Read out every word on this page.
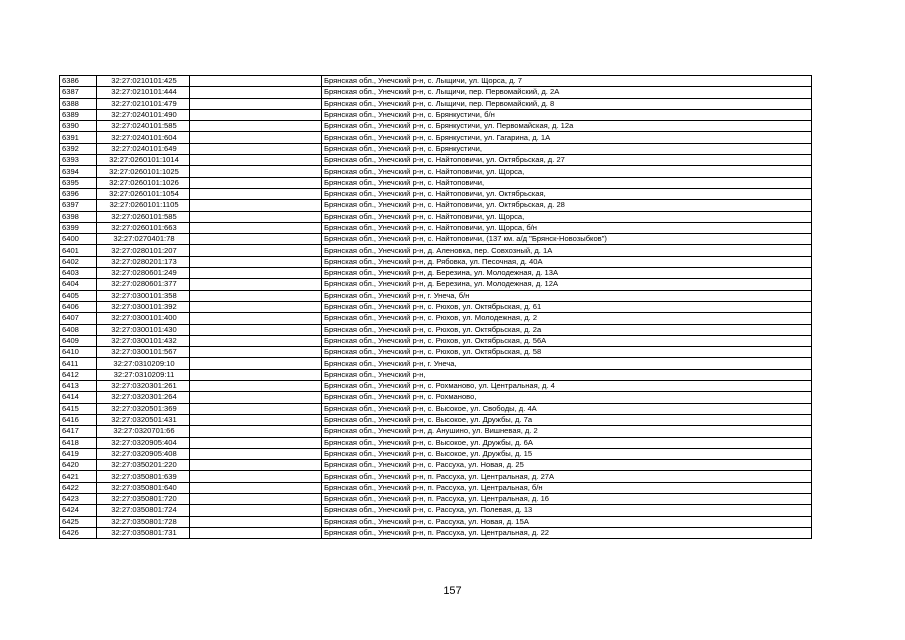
6386	32:27:0210101:425		Брянская обл., Унечский р-н, с. Лыщичи, ул. Щорса, д. 7
6387	32:27:0210101:444		Брянская обл., Унечский р-н, с. Лыщичи, пер. Первомайский, д. 2А
6388	32:27:0210101:479		Брянская обл., Унечский р-н, с. Лыщичи, пер. Первомайский, д. 8
6389	32:27:0240101:490		Брянская обл., Унечский р-н, с. Брянкустичи, б/н
6390	32:27:0240101:585		Брянская обл., Унечский р-н, с. Брянкустичи, ул. Первомайская, д. 12а
6391	32:27:0240101:604		Брянская обл., Унечский р-н, с. Брянкустичи, ул. Гагарина, д. 1А
6392	32:27:0240101:649		Брянская обл., Унечский р-н, с. Брянкустичи,
6393	32:27:0260101:1014		Брянская обл., Унечский р-н, с. Найтоповичи, ул. Октябрьская, д. 27
6394	32:27:0260101:1025		Брянская обл., Унечский р-н, с. Найтоповичи, ул. Щорса,
6395	32:27:0260101:1026		Брянская обл., Унечский р-н, с. Найтоповичи,
6396	32:27:0260101:1054		Брянская обл., Унечский р-н, с. Найтоповичи, ул. Октябрьская,
6397	32:27:0260101:1105		Брянская обл., Унечский р-н, с. Найтоповичи, ул. Октябрьская, д. 28
6398	32:27:0260101:585		Брянская обл., Унечский р-н, с. Найтоповичи, ул. Щорса,
6399	32:27:0260101:663		Брянская обл., Унечский р-н, с. Найтоповичи, ул. Щорса, б/н
6400	32:27:0270401:78		Брянская обл., Унечский р-н, с. Найтоповичи, (137 км. а/д "Брянск-Новозыбков")
6401	32:27:0280101:207		Брянская обл., Унечский р-н, д. Аленовка, пер. Совхозный, д. 1А
6402	32:27:0280201:173		Брянская обл., Унечский р-н, д. Рябовка, ул. Песочная, д. 40А
6403	32:27:0280601:249		Брянская обл., Унечский р-н, д. Березина, ул. Молодежная, д. 13А
6404	32:27:0280601:377		Брянская обл., Унечский р-н, д. Березина, ул. Молодежная, д. 12А
6405	32:27:0300101:358		Брянская обл., Унечский р-н, г. Унеча, б/н
6406	32:27:0300101:392		Брянская обл., Унечский р-н, с. Рюхов, ул. Октябрьская, д. 61
6407	32:27:0300101:400		Брянская обл., Унечский р-н, с. Рюхов, ул. Молодежная, д. 2
6408	32:27:0300101:430		Брянская обл., Унечский р-н, с. Рюхов, ул. Октябрьская, д. 2а
6409	32:27:0300101:432		Брянская обл., Унечский р-н, с. Рюхов, ул. Октябрьская, д. 56А
6410	32:27:0300101:567		Брянская обл., Унечский р-н, с. Рюхов, ул. Октябрьская, д. 58
6411	32:27:0310209:10		Брянская обл., Унечский р-н, г. Унеча,
6412	32:27:0310209:11		Брянская обл., Унечский р-н,
6413	32:27:0320301:261		Брянская обл., Унечский р-н, с. Рохманово, ул. Центральная, д. 4
6414	32:27:0320301:264		Брянская обл., Унечский р-н, с. Рохманово,
6415	32:27:0320501:369		Брянская обл., Унечский р-н, с. Высокое, ул. Свободы, д. 4А
6416	32:27:0320501:431		Брянская обл., Унечский р-н, с. Высокое, ул. Дружбы, д. 7а
6417	32:27:0320701:66		Брянская обл., Унечский р-н, д. Анушино, ул. Вишневая, д. 2
6418	32:27:0320905:404		Брянская обл., Унечский р-н, с. Высокое, ул. Дружбы, д. 6А
6419	32:27:0320905:408		Брянская обл., Унечский р-н, с. Высокое, ул. Дружбы, д. 15
6420	32:27:0350201:220		Брянская обл., Унечский р-н, с. Рассуха, ул. Новая, д. 25
6421	32:27:0350801:639		Брянская обл., Унечский р-н, п. Рассуха, ул. Центральная, д. 27А
6422	32:27:0350801:640		Брянская обл., Унечский р-н, п. Рассуха, ул. Центральная, б/н
6423	32:27:0350801:720		Брянская обл., Унечский р-н, п. Рассуха, ул. Центральная, д. 16
6424	32:27:0350801:724		Брянская обл., Унечский р-н, с. Рассуха, ул. Полевая, д. 13
6425	32:27:0350801:728		Брянская обл., Унечский р-н, с. Рассуха, ул. Новая, д. 15А
6426	32:27:0350801:731		Брянская обл., Унечский р-н, п. Рассуха, ул. Центральная, д. 22
157
